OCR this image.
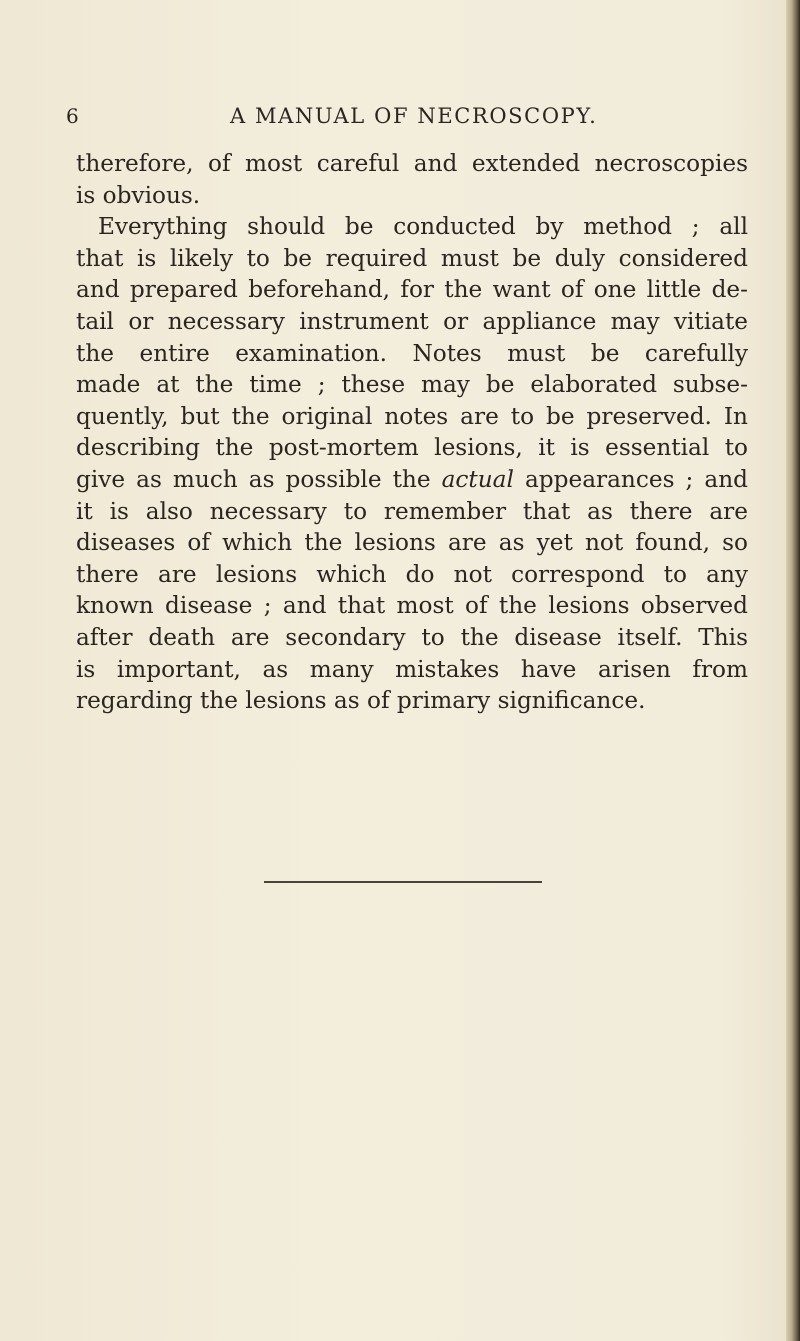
6	A MANUAL OF NECROSCOPY.
therefore, of most careful and extended necroscopies
is obvious.
Everything should be conducted by method ; all
that is likely to be required must be duly considered
and prepared beforehand, for the want of one little de-
tail or necessary instrument or appliance may vitiate
the entire examination. Notes must be carefully
made at the time ; these may be elaborated subse-
quently, but the original notes are to be preserved. In
describing the post-mortem lesions, it is essential to
give as much as possible the actual appearances ; and
it is also necessary to remember that as there are
diseases of which the lesions are as yet not found, so
there are lesions which do not correspond to any
known disease ; and that most of the lesions observed
after death are secondary to the disease itself. This
is important, as many mistakes have arisen from
regarding the lesions as of primary significance.
